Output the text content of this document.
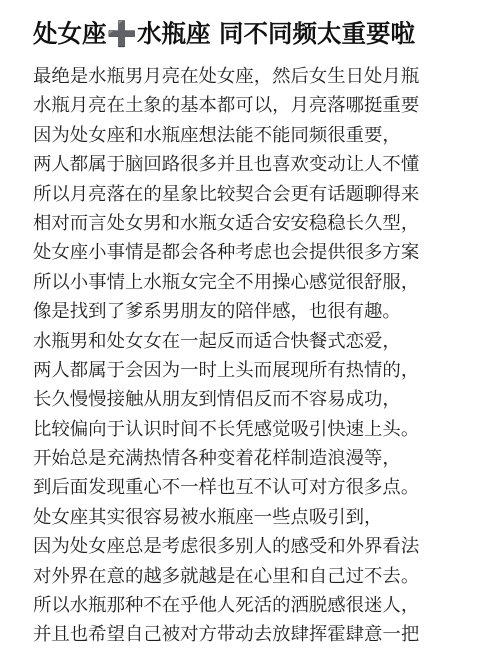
处女座➕水瓶座 同不同频太重要啦
最绝是水瓶男月亮在处女座，然后女生日处月瓶
水瓶月亮在土象的基本都可以，月亮落哪挺重要
因为处女座和水瓶座想法能不能同频很重要，
两人都属于脑回路很多并且也喜欢变动让人不懂
所以月亮落在的星象比较契合会更有话题聊得来
相对而言处女男和水瓶女适合安安稳稳长久型，
处女座小事情是都会各种考虑也会提供很多方案
所以小事情上水瓶女完全不用操心感觉很舒服，
像是找到了爹系男朋友的陪伴感，也很有趣。
水瓶男和处女女在一起反而适合快餐式恋爱，
两人都属于会因为一时上头而展现所有热情的，
长久慢慢接触从朋友到情侣反而不容易成功，
比较偏向于认识时间不长凭感觉吸引快速上头。
开始总是充满热情各种变着花样制造浪漫等，
到后面发现重心不一样也互不认可对方很多点。
处女座其实很容易被水瓶座一些点吸引到，
因为处女座总是考虑很多别人的感受和外界看法
对外界在意的越多就越是在心里和自己过不去。
所以水瓶那种不在乎他人死活的洒脱感很迷人，
并且也希望自己被对方带动去放肆挥霍肆意一把
